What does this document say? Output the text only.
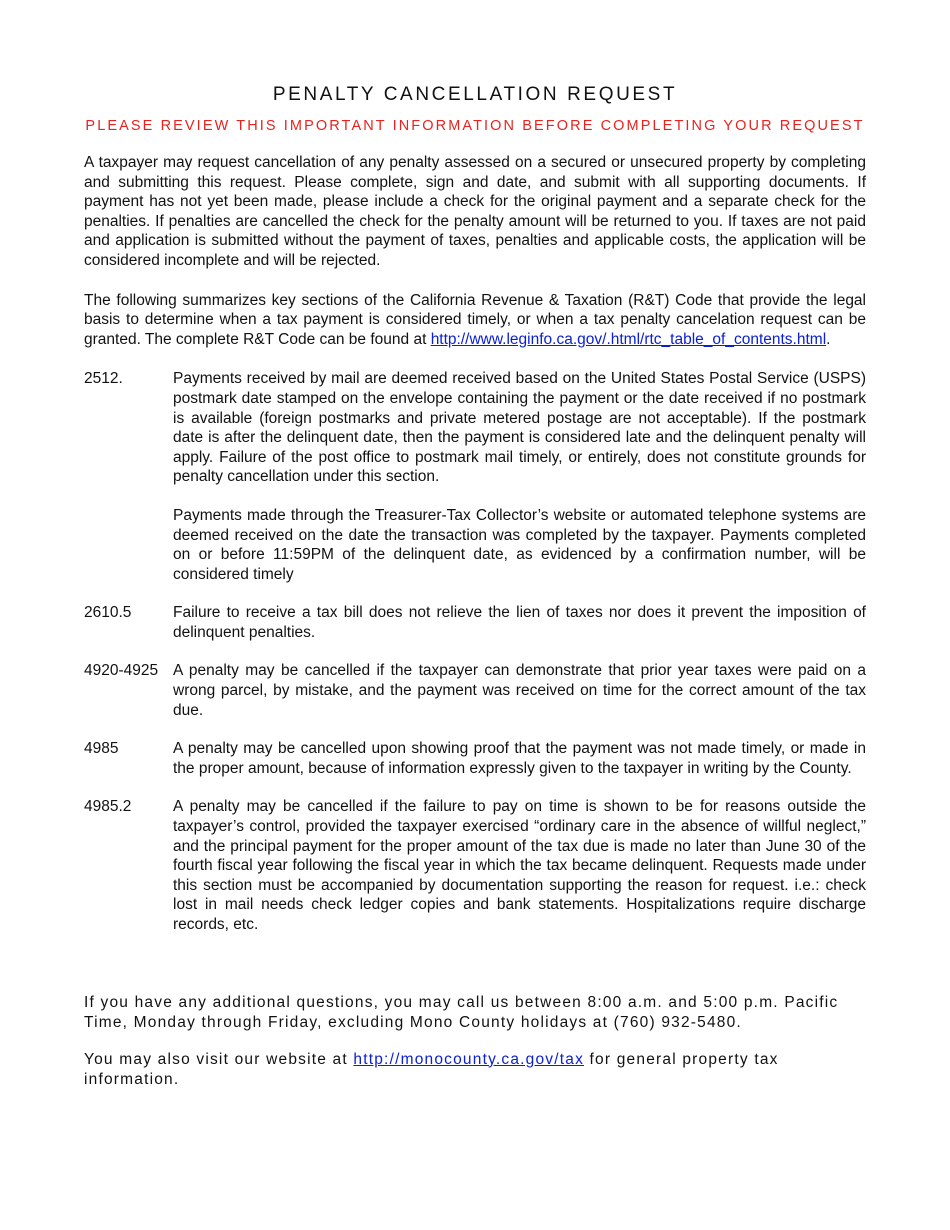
PENALTY CANCELLATION REQUEST
PLEASE REVIEW THIS IMPORTANT INFORMATION BEFORE COMPLETING YOUR REQUEST

A taxpayer may request cancellation of any penalty assessed on a secured or unsecured property by completing and submitting this request. Please complete, sign and date, and submit with all supporting documents. If payment has not yet been made, please include a check for the original payment and a separate check for the penalties. If penalties are cancelled the check for the penalty amount will be returned to you. If taxes are not paid and application is submitted without the payment of taxes, penalties and applicable costs, the application will be considered incomplete and will be rejected.

The following summarizes key sections of the California Revenue & Taxation (R&T) Code that provide the legal basis to determine when a tax payment is considered timely, or when a tax penalty cancelation request can be granted. The complete R&T Code can be found at http://www.leginfo.ca.gov/.html/rtc_table_of_contents.html.

2512.	Payments received by mail are deemed received based on the United States Postal Service (USPS) postmark date stamped on the envelope containing the payment or the date received if no postmark is available (foreign postmarks and private metered postage are not acceptable). If the postmark date is after the delinquent date, then the payment is considered late and the delinquent penalty will apply. Failure of the post office to postmark mail timely, or entirely, does not constitute grounds for penalty cancellation under this section.

Payments made through the Treasurer-Tax Collector’s website or automated telephone systems are deemed received on the date the transaction was completed by the taxpayer. Payments completed on or before 11:59PM of the delinquent date, as evidenced by a confirmation number, will be considered timely

2610.5	Failure to receive a tax bill does not relieve the lien of taxes nor does it prevent the imposition of delinquent penalties.

4920-4925 A penalty may be cancelled if the taxpayer can demonstrate that prior year taxes were paid on a wrong parcel, by mistake, and the payment was received on time for the correct amount of the tax due.

4985	A penalty may be cancelled upon showing proof that the payment was not made timely, or made in the proper amount, because of information expressly given to the taxpayer in writing by the County.

4985.2	A penalty may be cancelled if the failure to pay on time is shown to be for reasons outside the taxpayer’s control, provided the taxpayer exercised “ordinary care in the absence of willful neglect,” and the principal payment for the proper amount of the tax due is made no later than June 30 of the fourth fiscal year following the fiscal year in which the tax became delinquent. Requests made under this section must be accompanied by documentation supporting the reason for request. i.e.: check lost in mail needs check ledger copies and bank statements. Hospitalizations require discharge records, etc.

If you have any additional questions, you may call us between 8:00 a.m. and 5:00 p.m. Pacific Time, Monday through Friday, excluding Mono County holidays at (760) 932-5480.

You may also visit our website at http://monocounty.ca.gov/tax for general property tax information.
